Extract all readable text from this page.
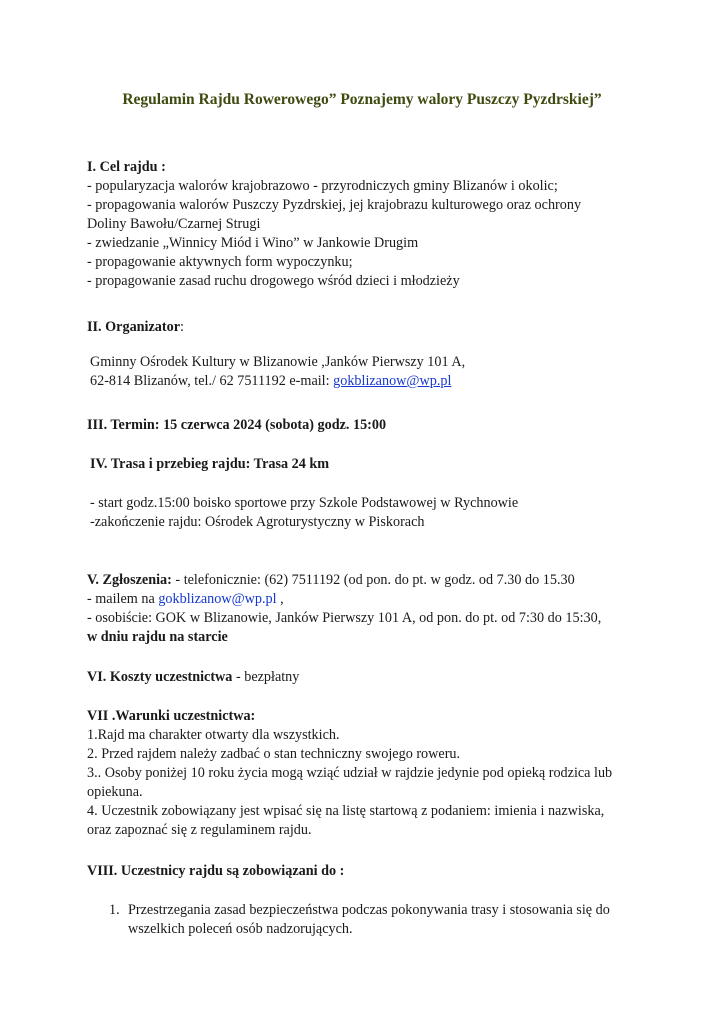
Regulamin Rajdu Rowerowego” Poznajemy walory Puszczy Pyzdrskiej”
I. Cel rajdu :
- popularyzacja walorów krajobrazowo - przyrodniczych gminy Blizanów i okolic;
- propagowania walorów Puszczy Pyzdrskiej, jej krajobrazu kulturowego oraz ochrony
Doliny Bawołu/Czarnej Strugi
- zwiedzanie „Winnicy Miód i Wino” w Jankowie Drugim
- propagowanie aktywnych form wypoczynku;
- propagowanie zasad ruchu drogowego wśród dzieci i młodzieży
II. Organizator:
Gminny Ośrodek Kultury w Blizanowie ,Janków Pierwszy 101 A,
62-814 Blizanów, tel./ 62 7511192 e-mail: gokblizanow@wp.pl
III. Termin: 15 czerwca 2024 (sobota) godz. 15:00
IV. Trasa i przebieg rajdu: Trasa 24 km
- start godz.15:00 boisko sportowe przy Szkole Podstawowej w Rychnowie
-zakończenie rajdu: Ośrodek Agroturystyczny w Piskorach
V. Zgłoszenia: - telefonicznie: (62) 7511192 (od pon. do pt. w godz. od 7.30 do 15.30
- mailem na gokblizanow@wp.pl ,
- osobiście: GOK w Blizanowie, Janków Pierwszy 101 A, od pon. do pt. od 7:30 do 15:30,
w dniu rajdu na starcie
VI. Koszty uczestnictwa - bezpłatny
VII .Warunki uczestnictwa:
1.Rajd ma charakter otwarty dla wszystkich.
2. Przed rajdem należy zadbać o stan techniczny swojego roweru.
3.. Osoby poniżej 10 roku życia mogą wziąć udział w rajdzie jedynie pod opieką rodzica lub
opiekuna.
4. Uczestnik zobowiązany jest wpisać się na listę startową z podaniem: imienia i nazwiska,
oraz zapoznać się z regulaminem rajdu.
VIII. Uczestnicy rajdu są zobowiązani do :
1. Przestrzegania zasad bezpieczeństwa podczas pokonywania trasy i stosowania się do
wszelkich poleceń osób nadzorujących.
